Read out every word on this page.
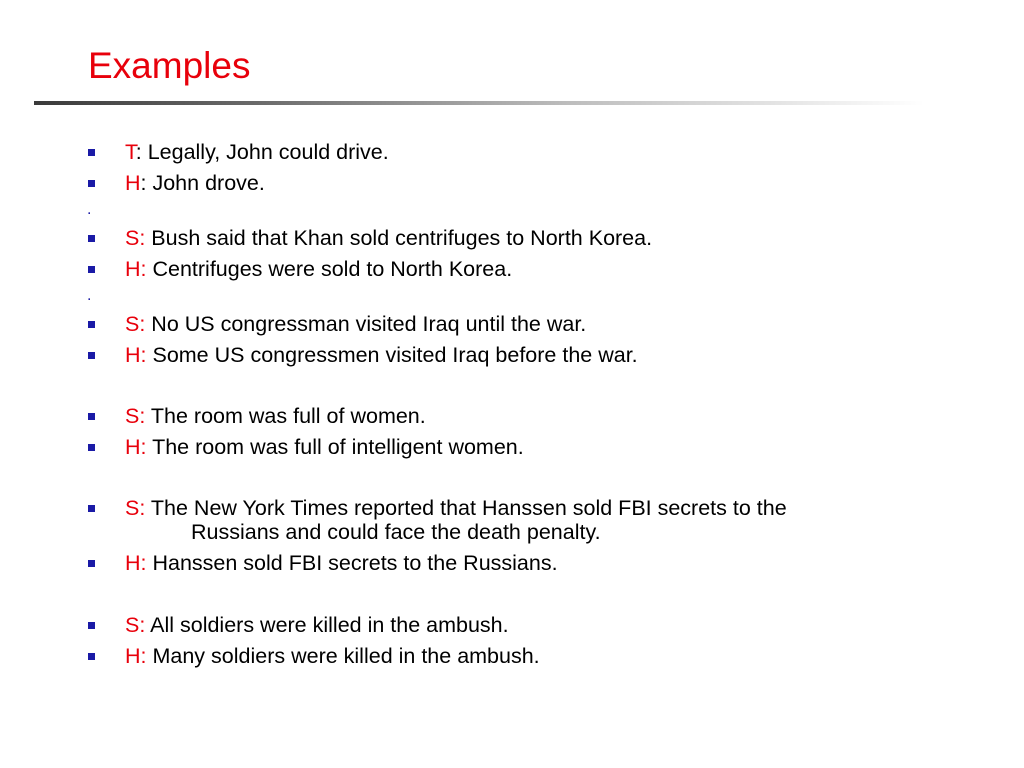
Examples
T: Legally, John could drive.
H: John drove.
.
S: Bush said that Khan sold centrifuges to North Korea.
H: Centrifuges were sold to North Korea.
.
S: No US congressman visited Iraq until the war.
H: Some US congressmen visited Iraq before the war.
S: The room was full of women.
H: The room was full of intelligent women.
S: The New York Times reported that Hanssen sold FBI secrets to the
Russians and could face the death penalty.
H: Hanssen sold FBI secrets to the Russians.
S: All soldiers were killed in the ambush.
H: Many soldiers were killed in the ambush.
